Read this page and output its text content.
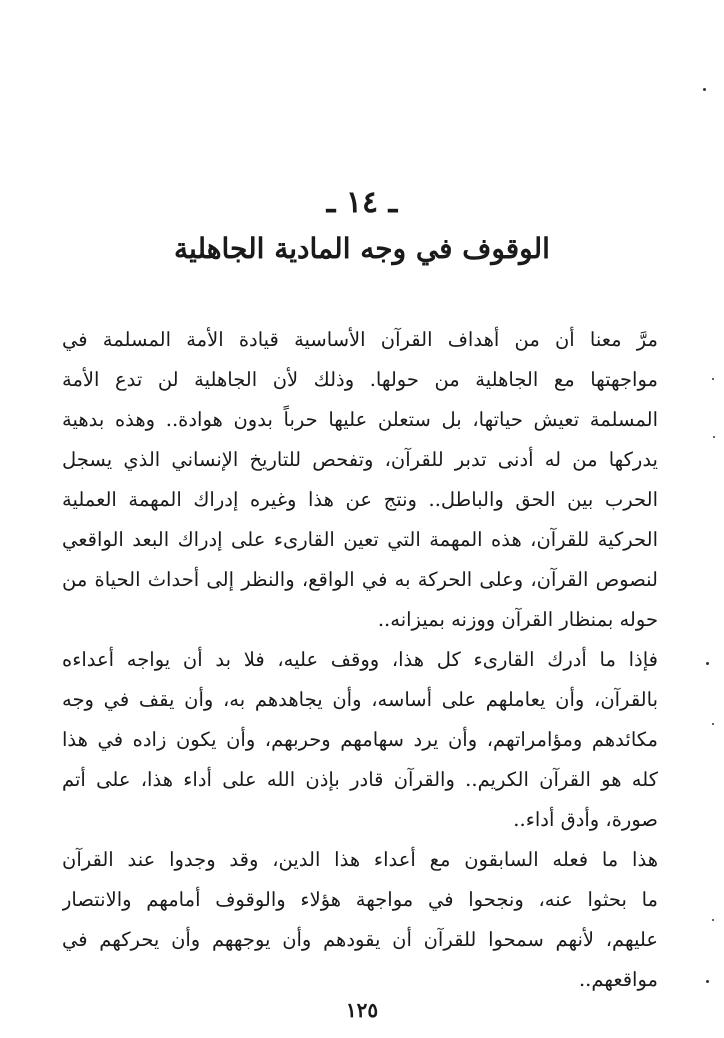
ـ ١٤ ـ
الوقوف في وجه المادية الجاهلية
مرَّ معنا أن من أهداف القرآن الأساسية قيادة الأمة المسلمة في
مواجهتها مع الجاهلية من حولها. وذلك لأن الجاهلية لن تدع الأمة
المسلمة تعيش حياتها، بل ستعلن عليها حرباً بدون هوادة.. وهذه بدهية
يدركها من له أدنى تدبر للقرآن، وتفحص للتاريخ الإنساني الذي يسجل
الحرب بين الحق والباطل.. ونتج عن هذا وغيره إدراك المهمة العملية
الحركية للقرآن، هذه المهمة التي تعين القارىء على إدراك البعد الواقعي
لنصوص القرآن، وعلى الحركة به في الواقع، والنظر إلى أحداث الحياة من
حوله بمنظار القرآن ووزنه بميزانه..
فإذا ما أدرك القارىء كل هذا، ووقف عليه، فلا بد أن يواجه أعداءه
بالقرآن، وأن يعاملهم على أساسه، وأن يجاهدهم به، وأن يقف في وجه
مكائدهم ومؤامراتهم، وأن يرد سهامهم وحربهم، وأن يكون زاده في هذا
كله هو القرآن الكريم.. والقرآن قادر بإذن الله على أداء هذا، على أتم
صورة، وأدق أداء..
هذا ما فعله السابقون مع أعداء هذا الدين، وقد وجدوا عند القرآن
ما بحثوا عنه، ونجحوا في مواجهة هؤلاء والوقوف أمامهم والانتصار
عليهم، لأنهم سمحوا للقرآن أن يقودهم وأن يوجههم وأن يحركهم في
مواقعهم..
١٢٥
